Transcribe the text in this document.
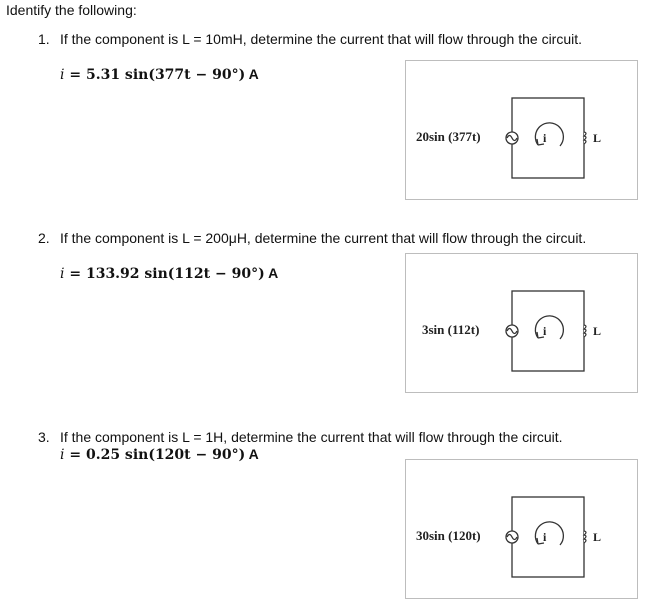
Identify the following:
1. If the component is L = 10mH, determine the current that will flow through the circuit.
i = 5.31 sin(377t − 90°) A
20sin (377t)	i	L
2. If the component is L = 200μH, determine the current that will flow through the circuit.
i = 133.92 sin(112t − 90°) A
3sin (112t)	i	L
3. If the component is L = 1H, determine the current that will flow through the circuit.
i = 0.25 sin(120t − 90°) A
30sin (120t)	i	L
